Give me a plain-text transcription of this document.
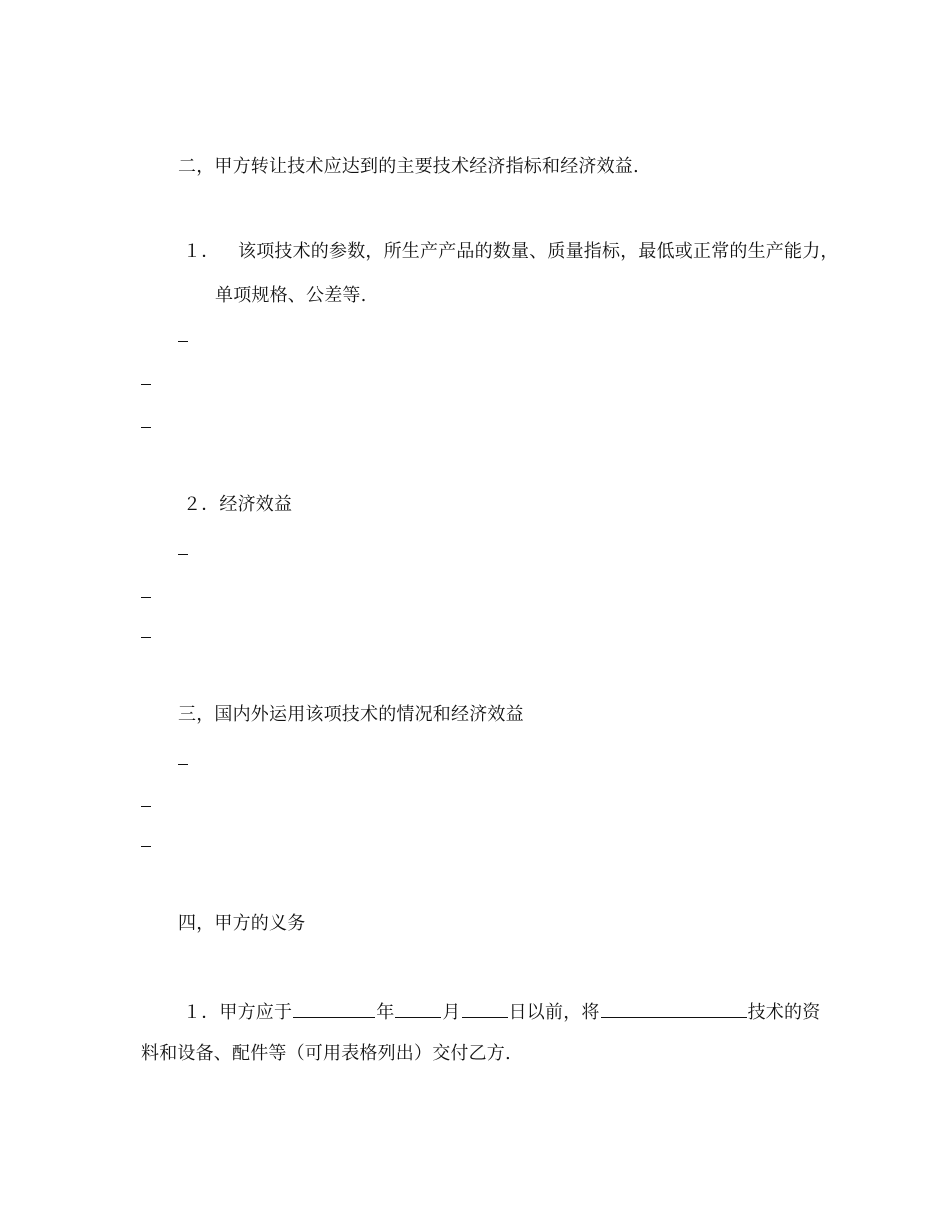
二，甲方转让技术应达到的主要技术经济指标和经济效益.
１． 该项技术的参数，所生产产品的数量、质量指标，最低或正常的生产能力，
单项规格、公差等.
２．经济效益
三，国内外运用该项技术的情况和经济效益
四，甲方的义务
１．甲方应于	年	月	日以前，将	技术的资
料和设备、配件等（可用表格列出）交付乙方.
